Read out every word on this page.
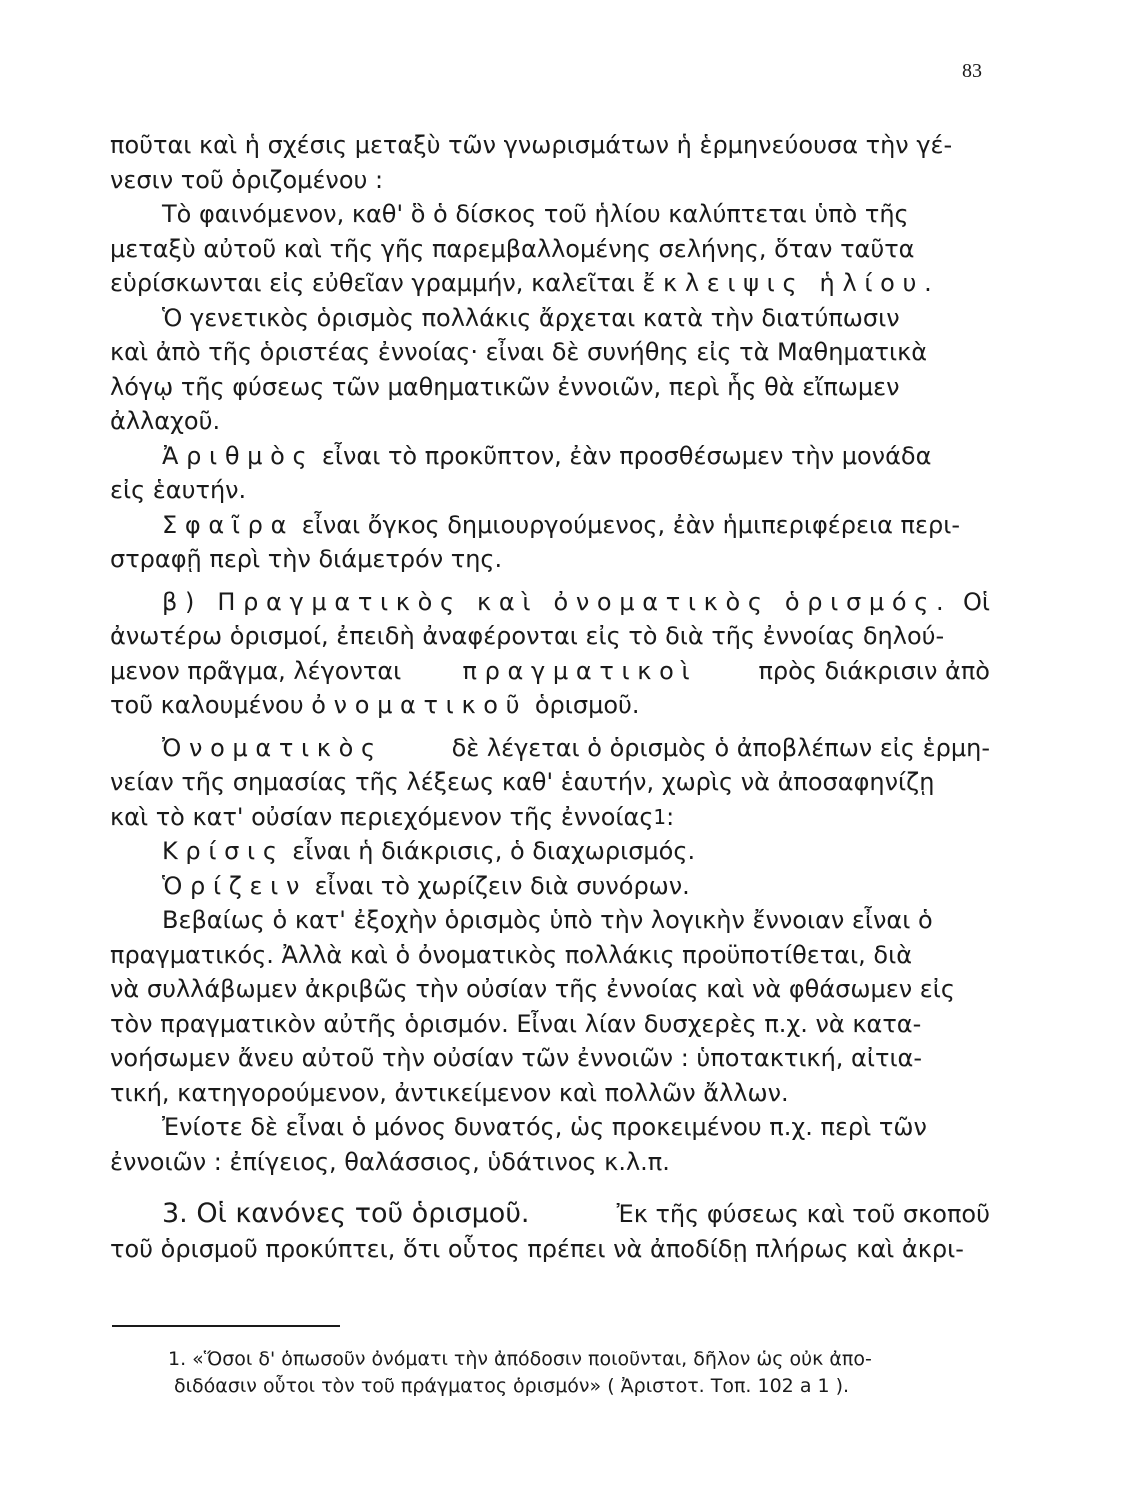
83
ποῦται καὶ ἡ σχέσις μεταξὺ τῶν γνωρισμάτων ἡ ἑρμηνεύουσα τὴν γέ-
νεσιν τοῦ ὁριζομένου :
Τὸ φαινόμενον, καθ' ὃ ὁ δίσκος τοῦ ἡλίου καλύπτεται ὑπὸ τῆς
μεταξὺ αὐτοῦ καὶ τῆς γῆς παρεμβαλλομένης σελήνης, ὅταν ταῦτα
εὑρίσκωνται εἰς εὐθεῖαν γραμμήν, καλεῖται
ἔκλειψις ἡλίου.
Ὁ γενετικὸς ὁρισμὸς πολλάκις ἄρχεται κατὰ τὴν διατύπωσιν
καὶ ἀπὸ τῆς ὁριστέας ἐννοίας· εἶναι δὲ συνήθης εἰς τὰ Μαθηματικὰ
λόγῳ τῆς φύσεως τῶν μαθηματικῶν ἐννοιῶν, περὶ ἧς θὰ εἴπωμεν
ἀλλαχοῦ.
Ἀριθμὸς
εἶναι τὸ προκῦπτον, ἐὰν προσθέσωμεν τὴν μονάδα
εἰς ἑαυτήν.
Σφαῖρα
εἶναι ὄγκος δημιουργούμενος, ἐὰν ἡμιπεριφέρεια περι-
στραφῇ περὶ τὴν διάμετρόν της.
β) Πραγματικὸς καὶ ὀνοματικὸς ὁρισμός. Οἱ
ἀνωτέρω ὁρισμοί, ἐπειδὴ ἀναφέρονται εἰς τὸ διὰ τῆς ἐννοίας δηλού-
μενον πρᾶγμα, λέγονται	πραγματικοὶ	πρὸς διάκρισιν ἀπὸ
τοῦ καλουμένου
ὀνοματικοῦ
ὁρισμοῦ.
Ὀνοματικὸς	δὲ λέγεται ὁ ὁρισμὸς ὁ ἀποβλέπων εἰς ἑρμη-
νείαν τῆς σημασίας τῆς λέξεως καθ' ἑαυτήν, χωρὶς νὰ ἀποσαφηνίζῃ
καὶ τὸ κατ' οὐσίαν περιεχόμενον τῆς ἐννοίας 1 :
Κρίσις
εἶναι ἡ διάκρισις, ὁ διαχωρισμός.
Ὁρίζειν
εἶναι τὸ χωρίζειν διὰ συνόρων.
Βεβαίως ὁ κατ' ἐξοχὴν ὁρισμὸς ὑπὸ τὴν λογικὴν ἔννοιαν εἶναι ὁ
πραγματικός. Ἀλλὰ καὶ ὁ ὀνοματικὸς πολλάκις προϋποτίθεται, διὰ
νὰ συλλάβωμεν ἀκριβῶς τὴν οὐσίαν τῆς ἐννοίας καὶ νὰ φθάσωμεν εἰς
τὸν πραγματικὸν αὐτῆς ὁρισμόν. Εἶναι λίαν δυσχερὲς π.χ. νὰ κατα-
νοήσωμεν ἄνευ αὐτοῦ τὴν οὐσίαν τῶν ἐννοιῶν : ὑποτακτική, αἰτια-
τική, κατηγορούμενον, ἀντικείμενον καὶ πολλῶν ἄλλων.
Ἐνίοτε δὲ εἶναι ὁ μόνος δυνατός, ὡς προκειμένου π.χ. περὶ τῶν
ἐννοιῶν : ἐπίγειος, θαλάσσιος, ὑδάτινος κ.λ.π.
3. Οἱ κανόνες τοῦ ὁρισμοῦ.	Ἐκ τῆς φύσεως καὶ τοῦ σκοποῦ
τοῦ ὁρισμοῦ προκύπτει, ὅτι οὗτος πρέπει νὰ ἀποδίδῃ πλήρως καὶ ἀκρι-
1. «Ὅσοι δ' ὁπωσοῦν ὀνόματι τὴν ἀπόδοσιν ποιοῦνται, δῆλον ὡς οὐκ ἀπο-
διδόασιν οὗτοι τὸν τοῦ πράγματος ὁρισμόν» ( Ἀριστοτ. Τοπ. 102 a 1 ).
